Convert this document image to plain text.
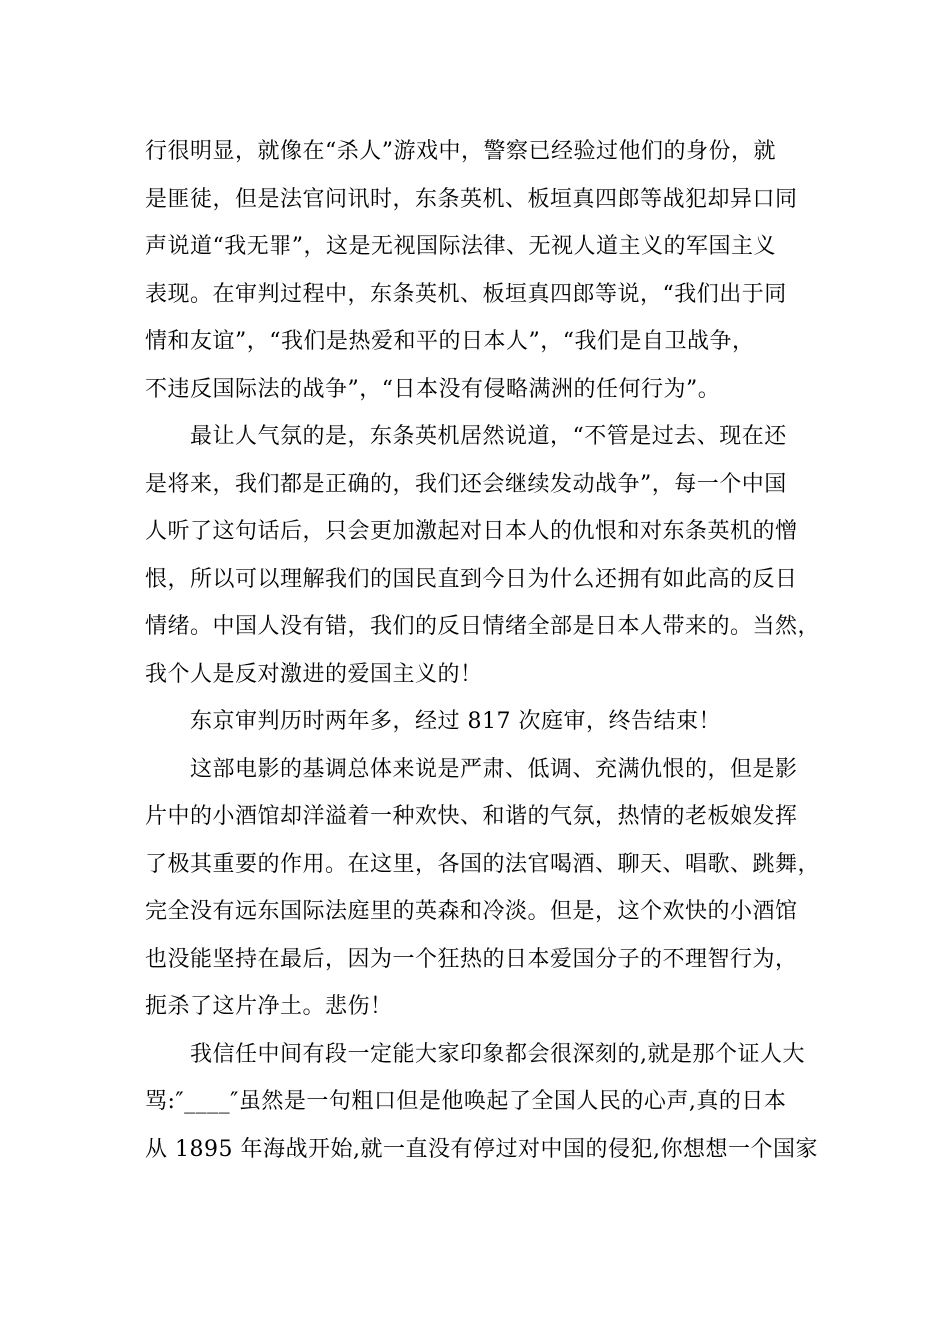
行很明显，就像在“杀人”游戏中，警察已经验过他们的身份，就
是匪徒，但是法官问讯时，东条英机、板垣真四郎等战犯却异口同
声说道“我无罪”，这是无视国际法律、无视人道主义的军国主义
表现。在审判过程中，东条英机、板垣真四郎等说，“我们出于同
情和友谊”，“我们是热爱和平的日本人”，“我们是自卫战争，
不违反国际法的战争”，“日本没有侵略满洲的任何行为”。
最让人气氛的是，东条英机居然说道，“不管是过去、现在还
是将来，我们都是正确的，我们还会继续发动战争”，每一个中国
人听了这句话后，只会更加激起对日本人的仇恨和对东条英机的憎
恨，所以可以理解我们的国民直到今日为什么还拥有如此高的反日
情绪。中国人没有错，我们的反日情绪全部是日本人带来的。当然，
我个人是反对激进的爱国主义的！
东京审判历时两年多，经过 817 次庭审，终告结束！
这部电影的基调总体来说是严肃、低调、充满仇恨的，但是影
片中的小酒馆却洋溢着一种欢快、和谐的气氛，热情的老板娘发挥
了极其重要的作用。在这里，各国的法官喝酒、聊天、唱歌、跳舞，
完全没有远东国际法庭里的英森和冷淡。但是，这个欢快的小酒馆
也没能坚持在最后，因为一个狂热的日本爱国分子的不理智行为，
扼杀了这片净土。悲伤！
我信任中间有段一定能大家印象都会很深刻的,就是那个证人大
骂:″____″虽然是一句粗口但是他唤起了全国人民的心声,真的日本
从 1895 年海战开始,就一直没有停过对中国的侵犯,你想想一个国家
